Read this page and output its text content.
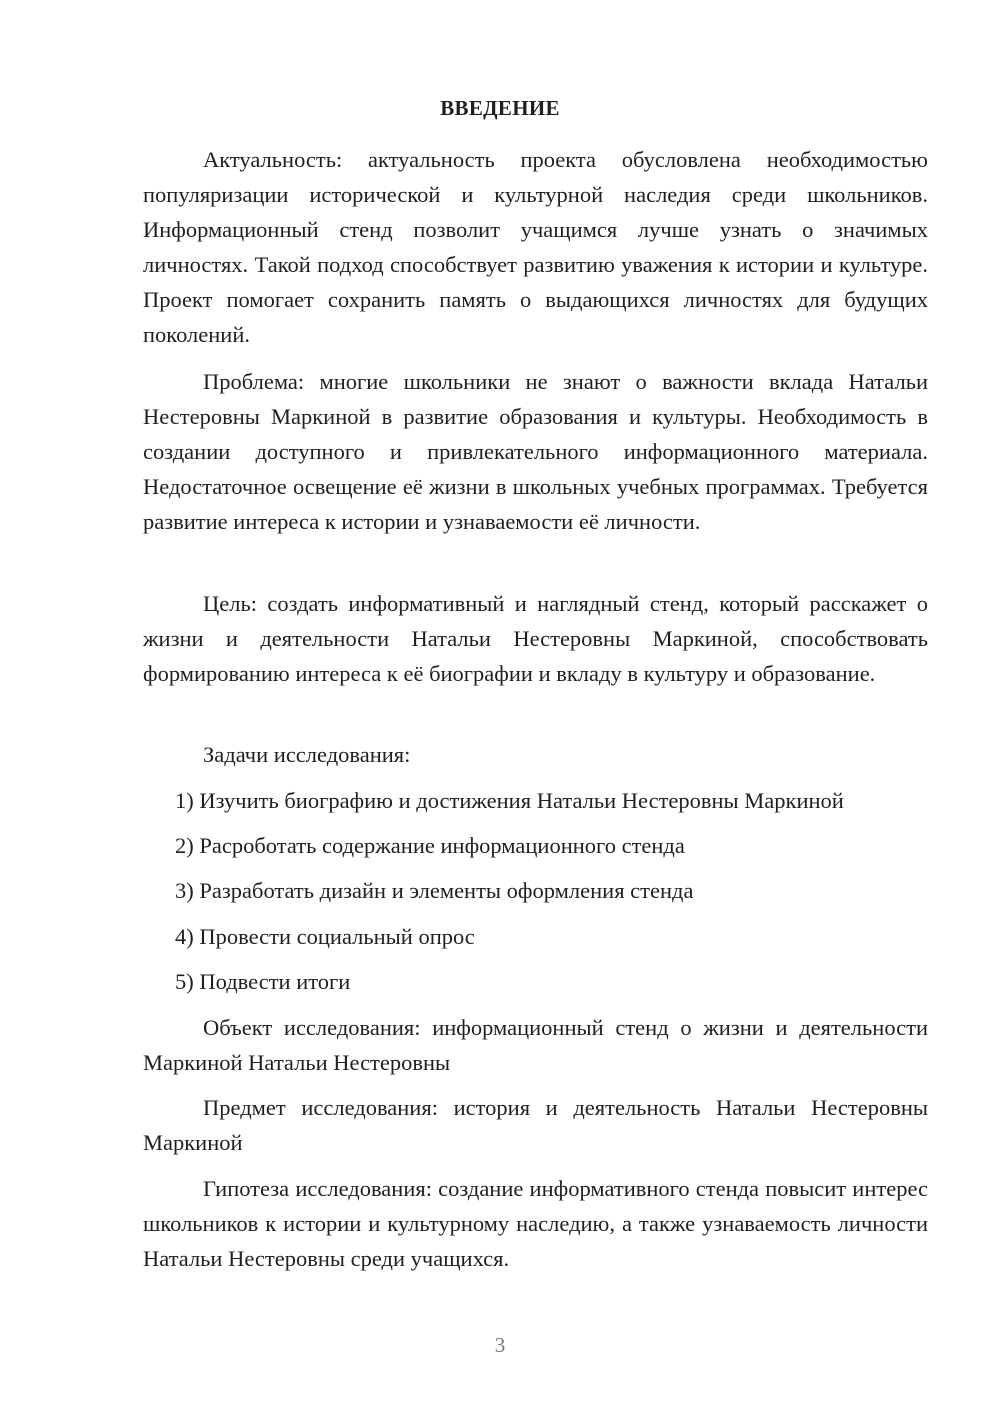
ВВЕДЕНИЕ

Актуальность: актуальность проекта обусловлена необходимостью популяризации исторической и культурной наследия среди школьников. Информационный стенд позволит учащимся лучше узнать о значимых личностях. Такой подход способствует развитию уважения к истории и культуре. Проект помогает сохранить память о выдающихся личностях для будущих поколений.

Проблема: многие школьники не знают о важности вклада Натальи Нестеровны Маркиной в развитие образования и культуры. Необходимость в создании доступного и привлекательного информационного материала. Недостаточное освещение её жизни в школьных учебных программах. Требуется развитие интереса к истории и узнаваемости её личности.

Цель: создать информативный и наглядный стенд, который расскажет о жизни и деятельности Натальи Нестеровны Маркиной, способствовать формированию интереса к её биографии и вкладу в культуру и образование.

Задачи исследования:

1) Изучить биографию и достижения Натальи Нестеровны Маркиной

2) Расроботать содержание информационного стенда

3) Разработать дизайн и элементы оформления стенда

4) Провести социальный опрос

5) Подвести итоги

Объект исследования: информационный стенд о жизни и деятельности Маркиной Натальи Нестеровны

Предмет исследования: история и деятельность Натальи Нестеровны Маркиной

Гипотеза исследования: создание информативного стенда повысит интерес школьников к истории и культурному наследию, а также узнаваемость личности Натальи Нестеровны среди учащихся.

3
